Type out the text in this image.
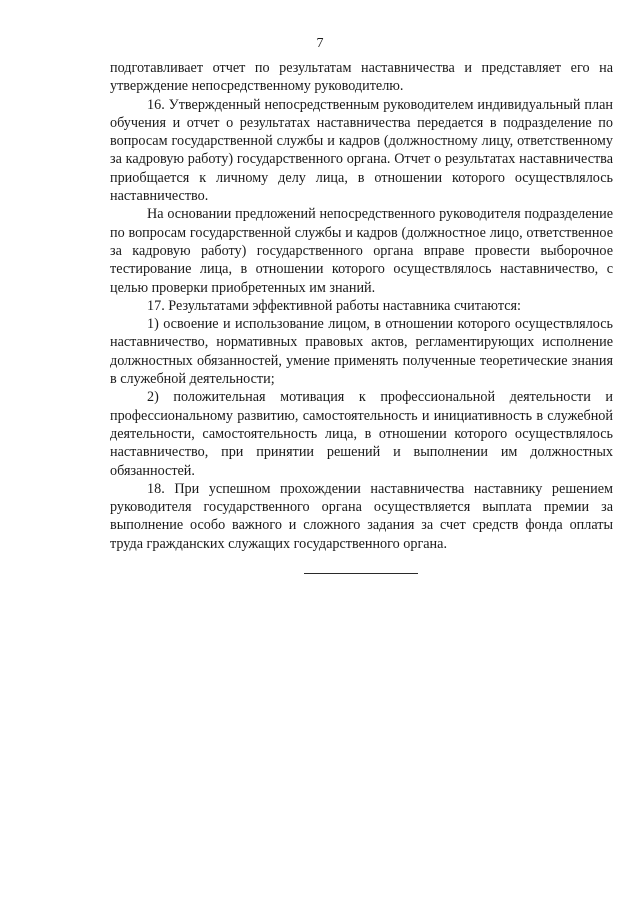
7

подготавливает отчет по результатам наставничества и представляет его на утверждение непосредственному руководителю.

16. Утвержденный непосредственным руководителем индивидуальный план обучения и отчет о результатах наставничества передается в подразделение по вопросам государственной службы и кадров (должностному лицу, ответственному за кадровую работу) государственного органа. Отчет о результатах наставничества приобщается к личному делу лица, в отношении которого осуществлялось наставничество.

На основании предложений непосредственного руководителя подразделение по вопросам государственной службы и кадров (должностное лицо, ответственное за кадровую работу) государственного органа вправе провести выборочное тестирование лица, в отношении которого осуществлялось наставничество, с целью проверки приобретенных им знаний.

17. Результатами эффективной работы наставника считаются:

1) освоение и использование лицом, в отношении которого осуществлялось наставничество, нормативных правовых актов, регламентирующих исполнение должностных обязанностей, умение применять полученные теоретические знания в служебной деятельности;

2) положительная мотивация к профессиональной деятельности и профессиональному развитию, самостоятельность и инициативность в служебной деятельности, самостоятельность лица, в отношении которого осуществлялось наставничество, при принятии решений и выполнении им должностных обязанностей.

18. При успешном прохождении наставничества наставнику решением руководителя государственного органа осуществляется выплата премии за выполнение особо важного и сложного задания за счет средств фонда оплаты труда гражданских служащих государственного органа.
